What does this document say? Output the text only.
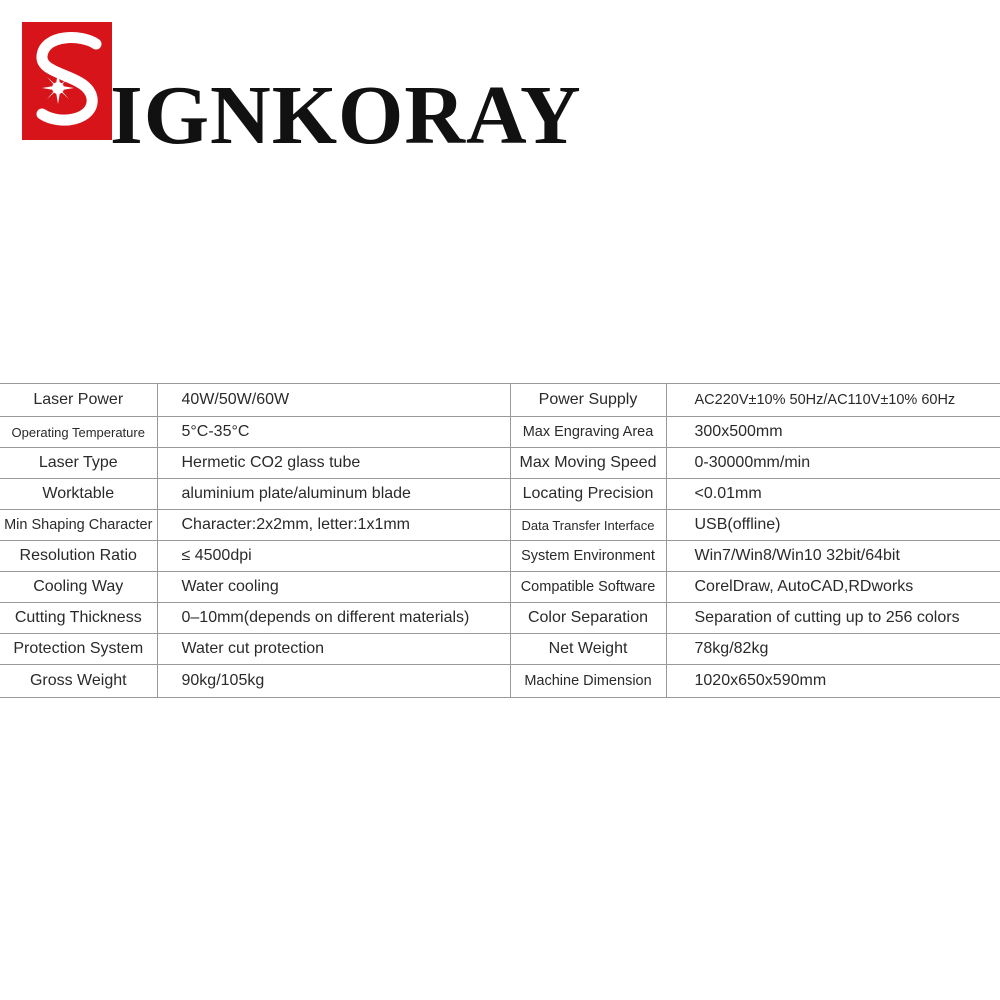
IGNKORAY
Laser Power	40W/50W/60W	Power Supply	AC220V±10% 50Hz/AC110V±10% 60Hz
Operating Temperature	5°C-35°C	Max Engraving Area	300x500mm
Laser Type	Hermetic CO2 glass tube	Max Moving Speed	0-30000mm/min
Worktable	aluminium plate/aluminum blade	Locating Precision	<0.01mm
Min Shaping Character	Character:2x2mm, letter:1x1mm	Data Transfer Interface	USB(offline)
Resolution Ratio	≤ 4500dpi	System Environment	Win7/Win8/Win10 32bit/64bit
Cooling Way	Water cooling	Compatible Software	CorelDraw, AutoCAD,RDworks
Cutting Thickness	0–10mm(depends on different materials)	Color Separation	Separation of cutting up to 256 colors
Protection System	Water cut protection	Net Weight	78kg/82kg
Gross Weight	90kg/105kg	Machine Dimension	1020x650x590mm
